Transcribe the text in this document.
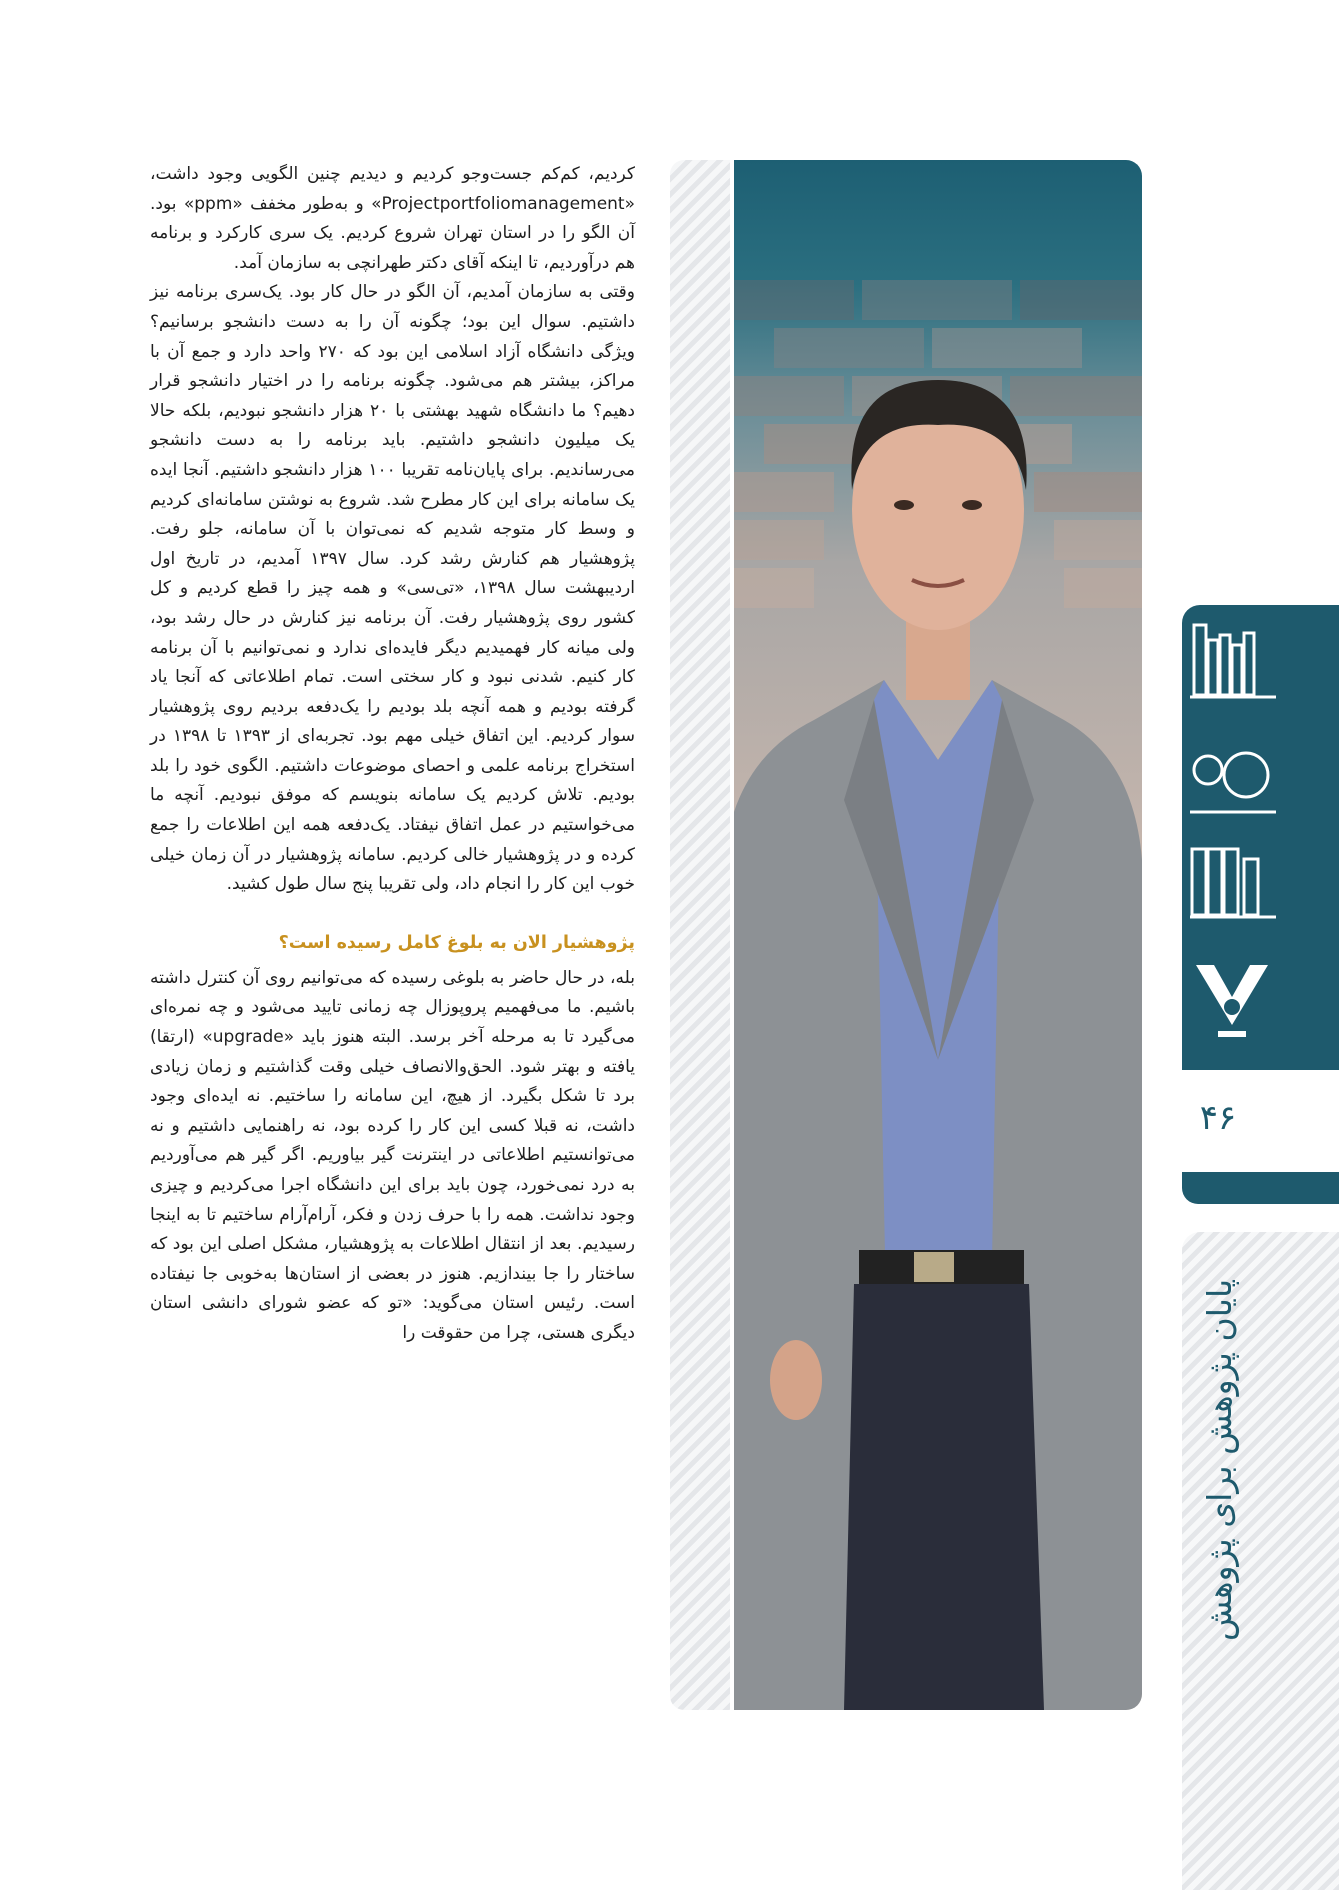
کردیم، کم‌کم جست‌وجو کردیم و دیدیم چنین الگویی وجود داشت، «Projectportfoliomanagement» و به‌طور مخفف «ppm» بود. آن الگو را در استان تهران شروع کردیم. یک سری کارکرد و برنامه هم درآوردیم، تا اینکه آقای دکتر طهرانچی به سازمان آمد.

وقتی به سازمان آمدیم، آن الگو در حال کار بود. یک‌سری برنامه نیز داشتیم. سوال این بود؛ چگونه آن را به دست دانشجو برسانیم؟ ویژگی دانشگاه آزاد اسلامی این بود که ۲۷۰ واحد دارد و جمع آن با مراکز، بیشتر هم می‌شود. چگونه برنامه را در اختیار دانشجو قرار دهیم؟ ما دانشگاه شهید بهشتی با ۲۰ هزار دانشجو نبودیم، بلکه حالا یک میلیون دانشجو داشتیم. باید برنامه را به دست دانشجو می‌رساندیم. برای پایان‌نامه تقریبا ۱۰۰ هزار دانشجو داشتیم. آنجا ایده یک سامانه برای این کار مطرح شد. شروع به نوشتن سامانه‌ای کردیم و وسط کار متوجه شدیم که نمی‌توان با آن سامانه، جلو رفت. پژوهشیار هم کنارش رشد کرد. سال ۱۳۹۷ آمدیم، در تاریخ اول اردیبهشت سال ۱۳۹۸، «تی‌سی» و همه چیز را قطع کردیم و کل کشور روی پژوهشیار رفت. آن برنامه نیز کنارش در حال رشد بود، ولی میانه کار فهمیدیم دیگر فایده‌ای ندارد و نمی‌توانیم با آن برنامه کار کنیم. شدنی نبود و کار سختی است. تمام اطلاعاتی که آنجا یاد گرفته بودیم و همه آنچه بلد بودیم را یک‌دفعه بردیم روی پژوهشیار سوار کردیم. این اتفاق خیلی مهم بود. تجربه‌ای از ۱۳۹۳ تا ۱۳۹۸ در استخراج برنامه علمی و احصای موضوعات داشتیم. الگوی خود را بلد بودیم. تلاش کردیم یک سامانه بنویسم که موفق نبودیم. آنچه ما می‌خواستیم در عمل اتفاق نیفتاد. یک‌دفعه همه این اطلاعات را جمع کرده و در پژوهشیار خالی کردیم. سامانه پژوهشیار در آن زمان خیلی خوب این کار را انجام داد، ولی تقریبا پنج سال طول کشید.

پژوهشیار الان به بلوغ کامل رسیده است؟

بله، در حال حاضر به بلوغی رسیده که می‌توانیم روی آن کنترل داشته باشیم. ما می‌فهمیم پروپوزال چه زمانی تایید می‌شود و چه نمره‌ای می‌گیرد تا به مرحله آخر برسد. البته هنوز باید «upgrade» (ارتقا) یافته و بهتر شود. الحق‌والانصاف خیلی وقت گذاشتیم و زمان زیادی برد تا شکل بگیرد. از هیچ، این سامانه را ساختیم. نه ایده‌ای وجود داشت، نه قبلا کسی این کار را کرده بود، نه راهنمایی داشتیم و نه می‌توانستیم اطلاعاتی در اینترنت گیر بیاوریم. اگر گیر هم می‌آوردیم به درد نمی‌خورد، چون باید برای این دانشگاه اجرا می‌کردیم و چیزی وجود نداشت. همه را با حرف زدن و فکر، آرام‌آرام ساختیم تا به اینجا رسیدیم. بعد از انتقال اطلاعات به پژوهشیار، مشکل اصلی این بود که ساختار را جا بیندازیم. هنوز در بعضی از استان‌ها به‌خوبی جا نیفتاده است. رئیس استان می‌گوید: «تو که عضو شورای دانشی استان دیگری هستی، چرا من حقوقت را

۴۶
پایان پژوهش برای پژوهش
